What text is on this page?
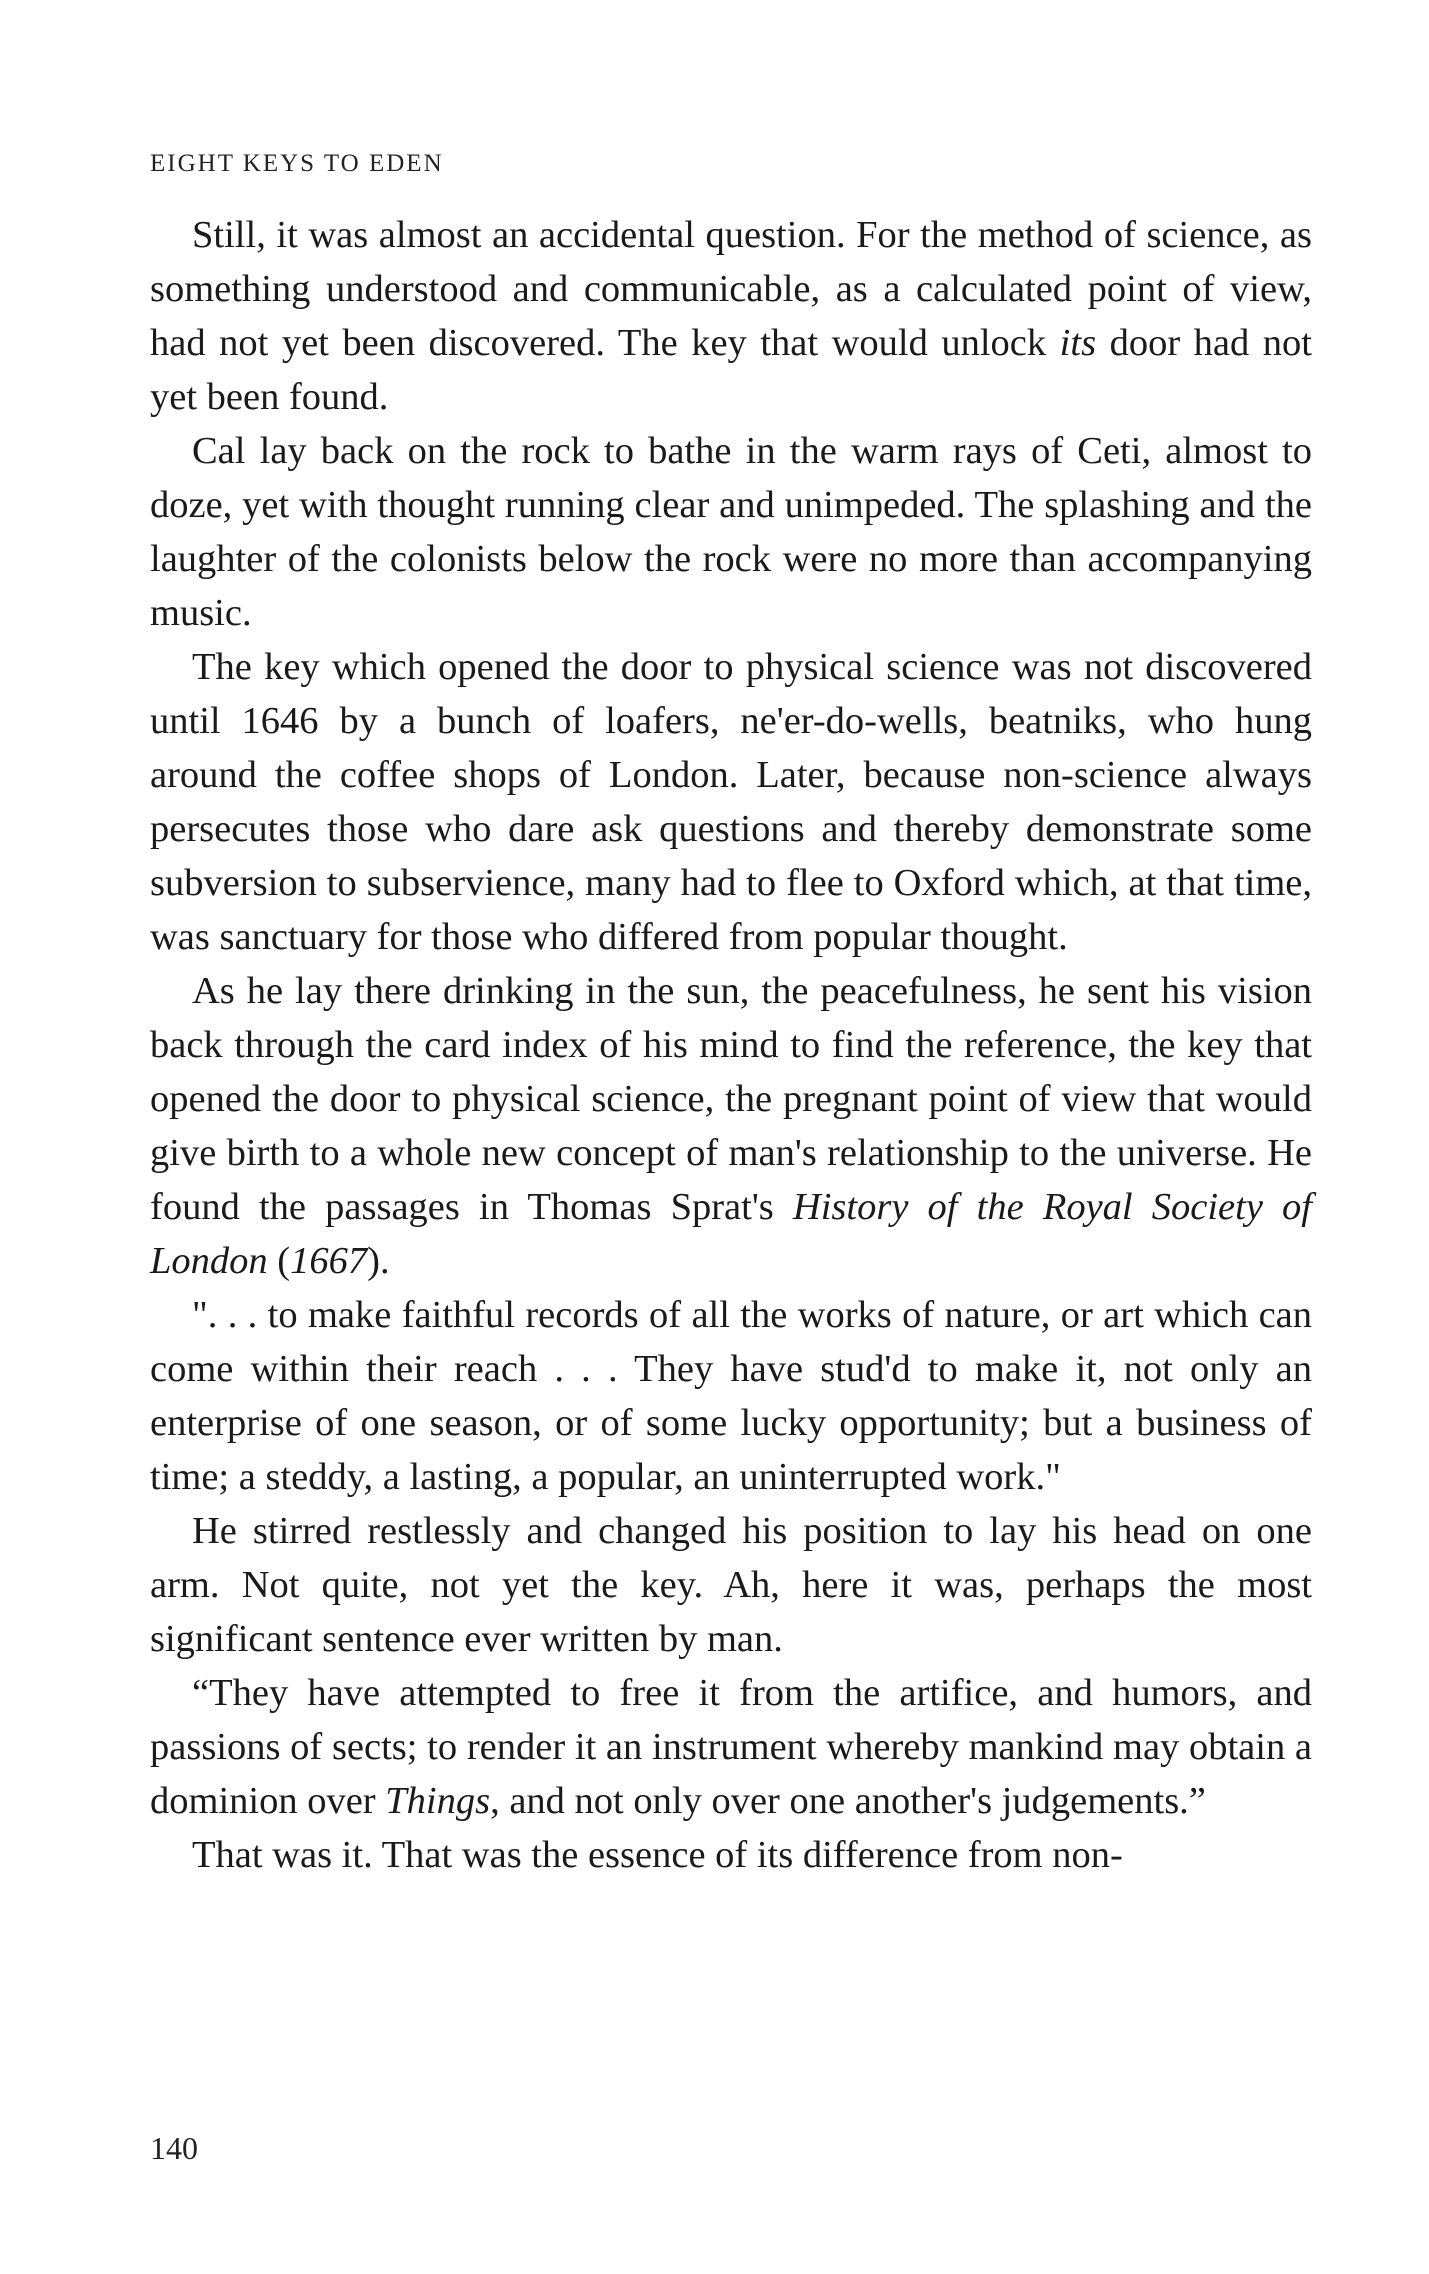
EIGHT KEYS TO EDEN

Still, it was almost an accidental question. For the method of science, as something understood and communicable, as a calculated point of view, had not yet been discovered. The key that would unlock its door had not yet been found.

Cal lay back on the rock to bathe in the warm rays of Ceti, almost to doze, yet with thought running clear and unimpeded. The splashing and the laughter of the colonists below the rock were no more than accompanying music.

The key which opened the door to physical science was not discovered until 1646 by a bunch of loafers, ne'er-do-wells, beatniks, who hung around the coffee shops of London. Later, because non-science always persecutes those who dare ask questions and thereby demonstrate some subversion to subservience, many had to flee to Oxford which, at that time, was sanctuary for those who differed from popular thought.

As he lay there drinking in the sun, the peacefulness, he sent his vision back through the card index of his mind to find the reference, the key that opened the door to physical science, the pregnant point of view that would give birth to a whole new concept of man's relationship to the universe. He found the passages in Thomas Sprat's History of the Royal Society of London (1667).

". . . to make faithful records of all the works of nature, or art which can come within their reach . . . They have stud'd to make it, not only an enterprise of one season, or of some lucky opportunity; but a business of time; a steddy, a lasting, a popular, an uninterrupted work."

He stirred restlessly and changed his position to lay his head on one arm. Not quite, not yet the key. Ah, here it was, perhaps the most significant sentence ever written by man.

“They have attempted to free it from the artifice, and humors, and passions of sects; to render it an instrument whereby mankind may obtain a dominion over Things, and not only over one another's judgements.”

That was it. That was the essence of its difference from non-

140
